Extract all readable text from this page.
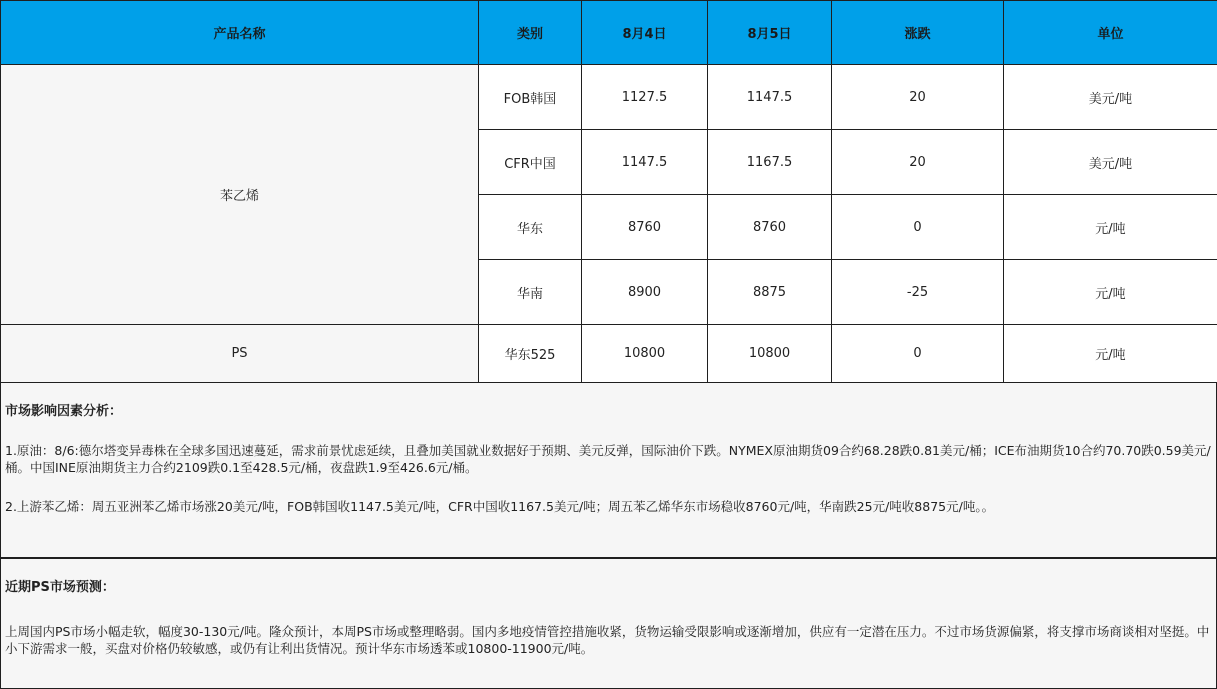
产品名称	类别	8月4日	8月5日	涨跌	单位
苯乙烯	FOB韩国	1127.5	1147.5	20	美元/吨
	CFR中国	1147.5	1167.5	20	美元/吨
	华东	8760	8760	0	元/吨
	华南	8900	8875	-25	元/吨
PS	华东525	10800	10800	0	元/吨

市场影响因素分析：

1.原油：8/6:德尔塔变异毒株在全球多国迅速蔓延，需求前景忧虑延续，且叠加美国就业数据好于预期、美元反弹，国际油价下跌。NYMEX原油期货09合约68.28跌0.81美元/桶；ICE布油期货10合约70.70跌0.59美元/桶。中国INE原油期货主力合约2109跌0.1至428.5元/桶，夜盘跌1.9至426.6元/桶。

2.上游苯乙烯：周五亚洲苯乙烯市场涨20美元/吨，FOB韩国收1147.5美元/吨，CFR中国收1167.5美元/吨；周五苯乙烯华东市场稳收8760元/吨，华南跌25元/吨收8875元/吨。。

近期PS市场预测：

上周国内PS市场小幅走软，幅度30-130元/吨。隆众预计，本周PS市场或整理略弱。国内多地疫情管控措施收紧，货物运输受限影响或逐渐增加，供应有一定潜在压力。不过市场货源偏紧，将支撑市场商谈相对坚挺。中小下游需求一般，买盘对价格仍较敏感，或仍有让利出货情况。预计华东市场透苯或10800-11900元/吨。
